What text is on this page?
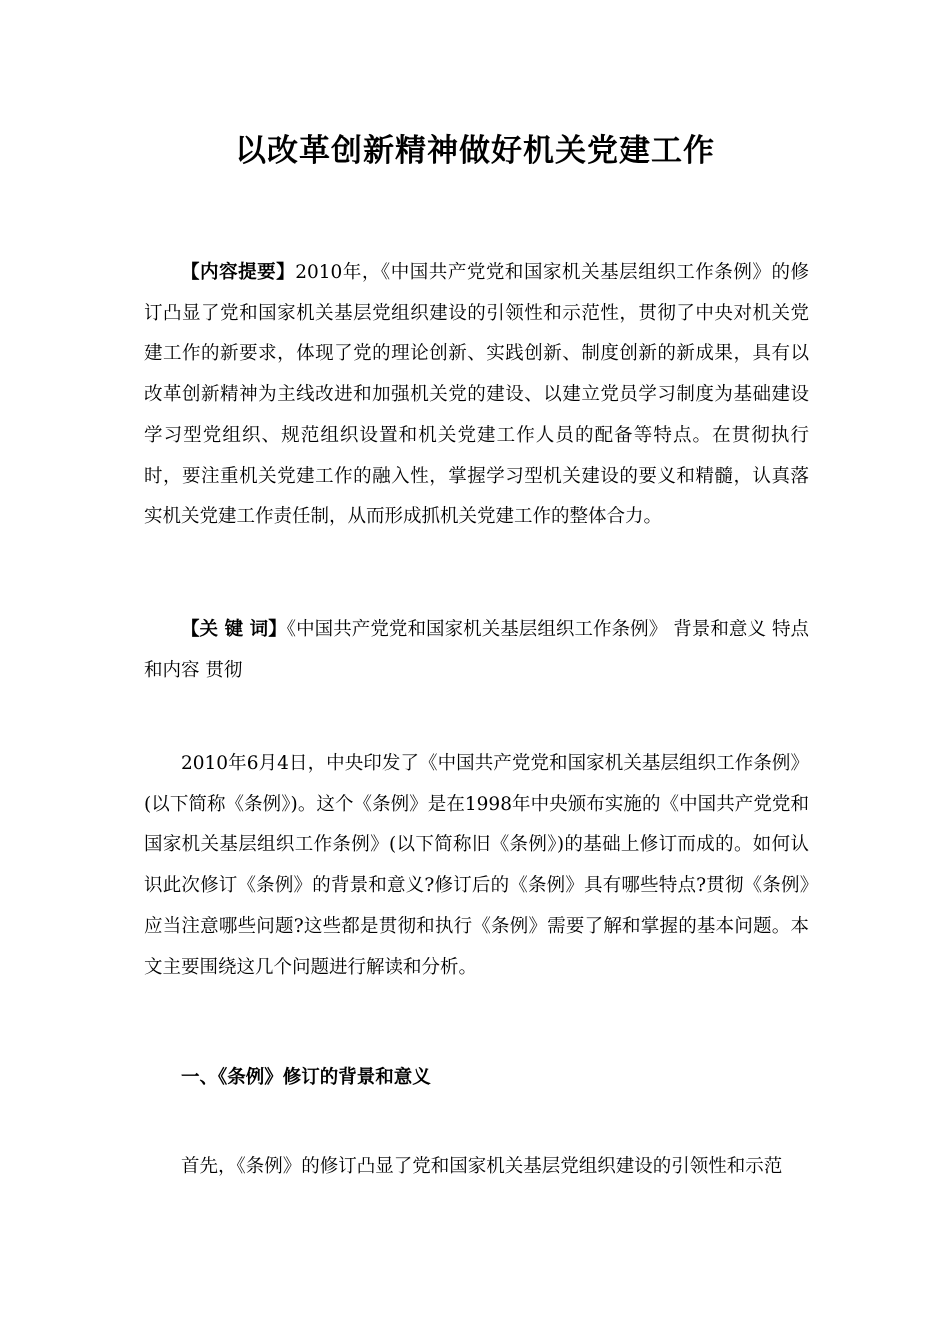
以改革创新精神做好机关党建工作

【内容提要】2010年，《中国共产党党和国家机关基层组织工作条例》的修订凸显了党和国家机关基层党组织建设的引领性和示范性，贯彻了中央对机关党建工作的新要求，体现了党的理论创新、实践创新、制度创新的新成果，具有以改革创新精神为主线改进和加强机关党的建设、以建立党员学习制度为基础建设学习型党组织、规范组织设置和机关党建工作人员的配备等特点。在贯彻执行时，要注重机关党建工作的融入性，掌握学习型机关建设的要义和精髓，认真落实机关党建工作责任制，从而形成抓机关党建工作的整体合力。

【关 键 词】《中国共产党党和国家机关基层组织工作条例》 背景和意义 特点和内容 贯彻

2010年6月4日，中央印发了《中国共产党党和国家机关基层组织工作条例》(以下简称《条例》)。这个《条例》是在1998年中央颁布实施的《中国共产党党和国家机关基层组织工作条例》(以下简称旧《条例》)的基础上修订而成的。如何认识此次修订《条例》的背景和意义?修订后的《条例》具有哪些特点?贯彻《条例》应当注意哪些问题?这些都是贯彻和执行《条例》需要了解和掌握的基本问题。本文主要围绕这几个问题进行解读和分析。

一、《条例》修订的背景和意义

首先，《条例》的修订凸显了党和国家机关基层党组织建设的引领性和示范
